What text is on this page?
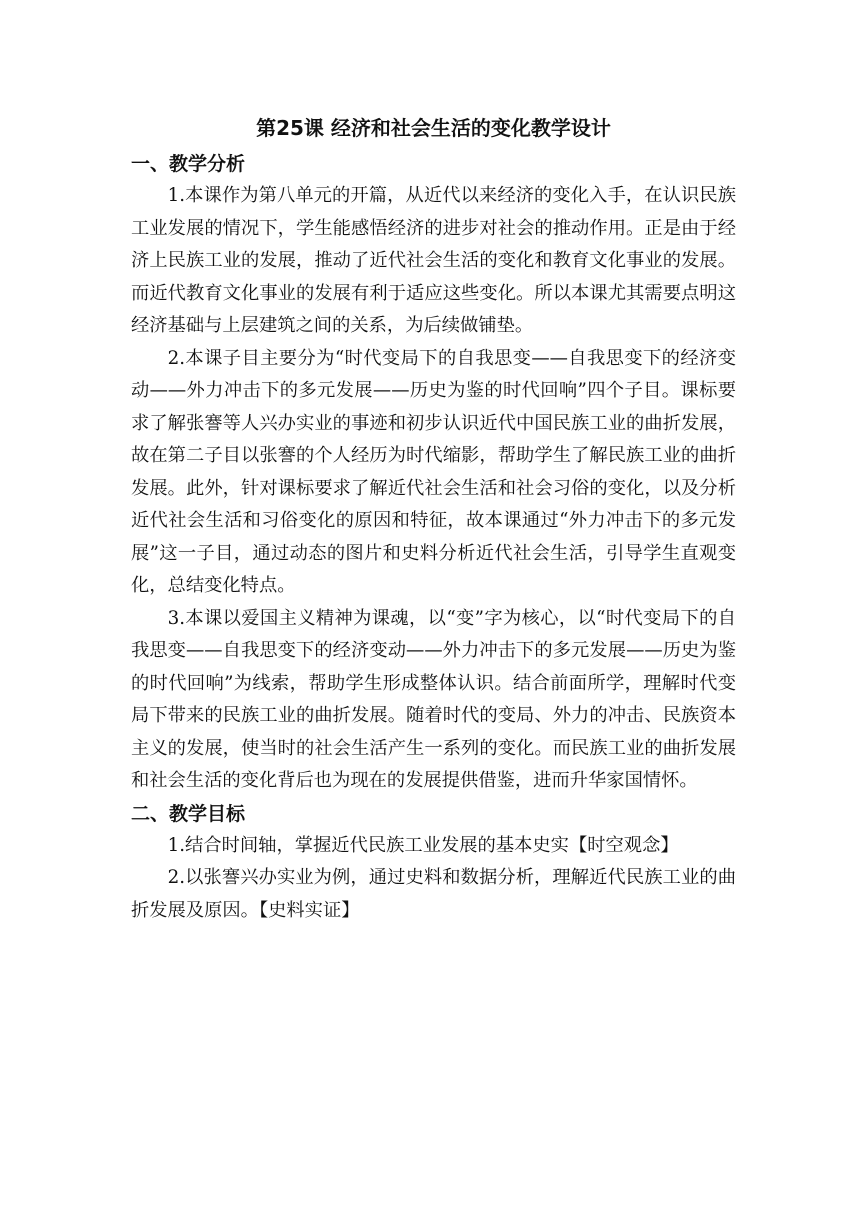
第25课 经济和社会生活的变化教学设计
一、教学分析

1.本课作为第八单元的开篇，从近代以来经济的变化入手，在认识民族工业发展的情况下，学生能感悟经济的进步对社会的推动作用。正是由于经济上民族工业的发展，推动了近代社会生活的变化和教育文化事业的发展。而近代教育文化事业的发展有利于适应这些变化。所以本课尤其需要点明这经济基础与上层建筑之间的关系，为后续做铺垫。

2.本课子目主要分为“时代变局下的自我思变——自我思变下的经济变动——外力冲击下的多元发展——历史为鉴的时代回响”四个子目。课标要求了解张謇等人兴办实业的事迹和初步认识近代中国民族工业的曲折发展，故在第二子目以张謇的个人经历为时代缩影，帮助学生了解民族工业的曲折发展。此外，针对课标要求了解近代社会生活和社会习俗的变化，以及分析近代社会生活和习俗变化的原因和特征，故本课通过“外力冲击下的多元发展”这一子目，通过动态的图片和史料分析近代社会生活，引导学生直观变化，总结变化特点。

3.本课以爱国主义精神为课魂，以“变”字为核心，以“时代变局下的自我思变——自我思变下的经济变动——外力冲击下的多元发展——历史为鉴的时代回响”为线索，帮助学生形成整体认识。结合前面所学，理解时代变局下带来的民族工业的曲折发展。随着时代的变局、外力的冲击、民族资本主义的发展，使当时的社会生活产生一系列的变化。而民族工业的曲折发展和社会生活的变化背后也为现在的发展提供借鉴，进而升华家国情怀。

二、教学目标

1.结合时间轴，掌握近代民族工业发展的基本史实【时空观念】

2.以张謇兴办实业为例，通过史料和数据分析，理解近代民族工业的曲折发展及原因。【史料实证】
